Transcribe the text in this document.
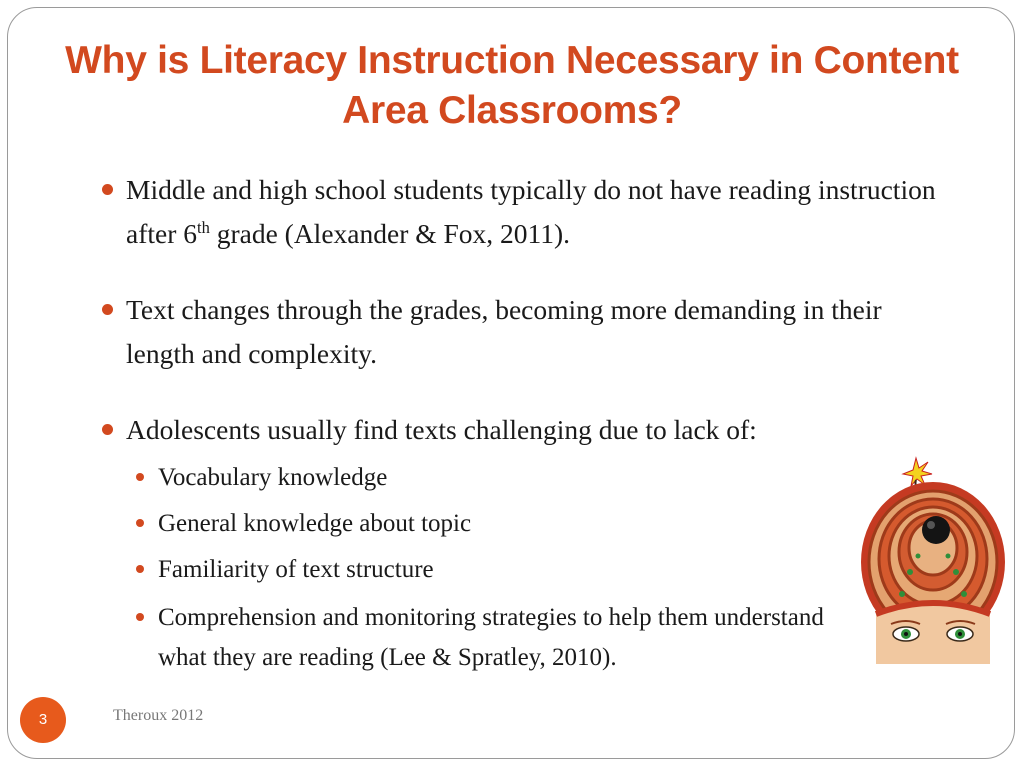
Why is Literacy Instruction Necessary in Content Area Classrooms?
Middle and high school students typically do not have reading instruction after 6th grade (Alexander & Fox, 2011).
Text changes through the grades, becoming more demanding in their length and complexity.
Adolescents usually find texts challenging due to lack of:
Vocabulary knowledge
General knowledge about topic
Familiarity of text structure
Comprehension and monitoring strategies to help them understand what they are reading (Lee & Spratley, 2010).
3	Theroux 2012
